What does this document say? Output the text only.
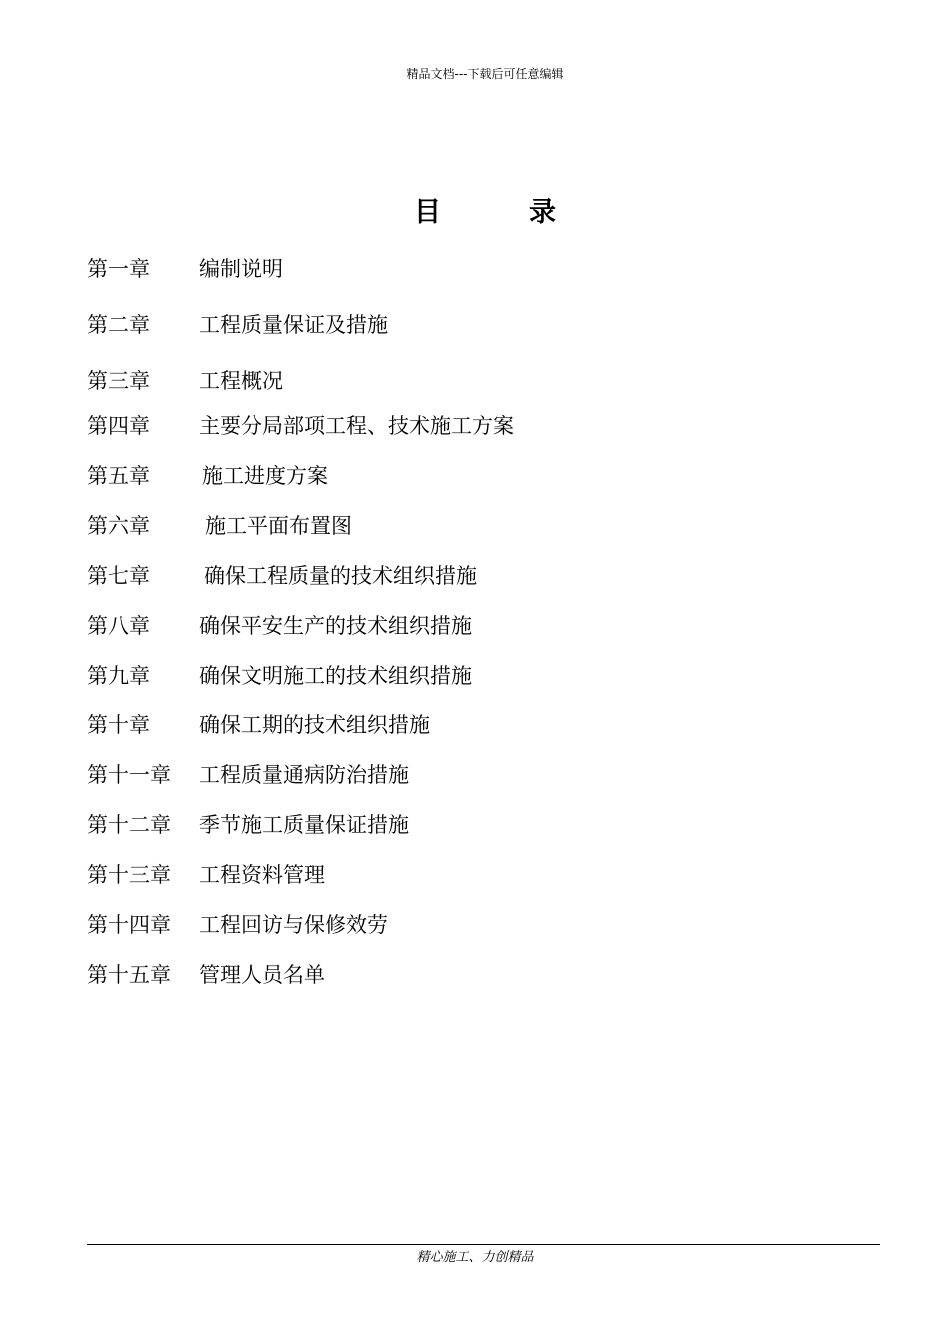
精品文档---下载后可任意编辑
目	录
第一章 编制说明
第二章 工程质量保证及措施
第三章 工程概况
第四章 主要分局部项工程、技术施工方案
第五章 施工进度方案
第六章	施工平面布置图
第七章	确保工程质量的技术组织措施
第八章 确保平安生产的技术组织措施
第九章 确保文明施工的技术组织措施
第十章 确保工期的技术组织措施
第十一章 工程质量通病防治措施
第十二章 季节施工质量保证措施
第十三章 工程资料管理
第十四章 工程回访与保修效劳
第十五章 管理人员名单
精心施工、力创精品
